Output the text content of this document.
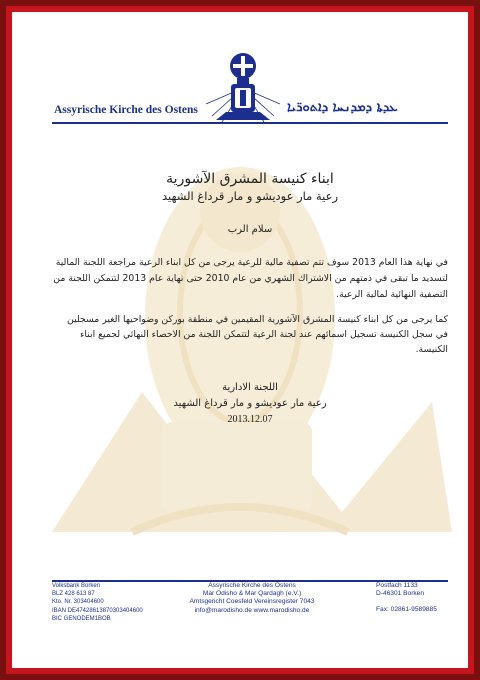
Assyrische Kirche des Ostens	ܥܕܬܐ ܕܡܕܢܚܐ ܕܐܬܘܪ̈ܝܐ
ابناء كنيسة المشرق الآشورية
رعية مار عوديشو و مار قرداغ الشهيد
سلام الرب
في نهاية هذا العام 2013 سوف تتم تصفية مالية للرعية يرجى من كل ابناء الرعية مراجعة اللجنة المالية لتسديد ما تبقى في ذمتهم من الاشتراك الشهري من عام 2010 حتى نهاية عام 2013 لتتمكن اللجنة من التصفية النهائية لمالية الرعية.
كما يرجى من كل ابناء كنيسة المشرق الآشورية المقيمين في منطقة بوركن وضواحيها الغير مسجلين في سجل الكنيسة تسجيل اسمائهم عند لجنة الرعية لتتمكن اللجنة من الاحصاء النهائي لجميع ابناء الكنيسة.
اللجنة الادارية
رعية مار عوديشو و مار قرداغ الشهيد
2013.12.07
Volksbank Borken
BLZ 428 613 87
Kto. Nr. 303404600
IBAN DE47428613870303404600
BIC GENODEM1BOB
Assyrische Kirche des Ostens
Mar Odisho & Mar Qardagh (e.V.)
Amtsgericht Coesfeld Vereinsregister 7043
info@marodisho.de www.marodisho.de
Postfach 1133
D-46301 Borken
Fax: 02861-9589885
